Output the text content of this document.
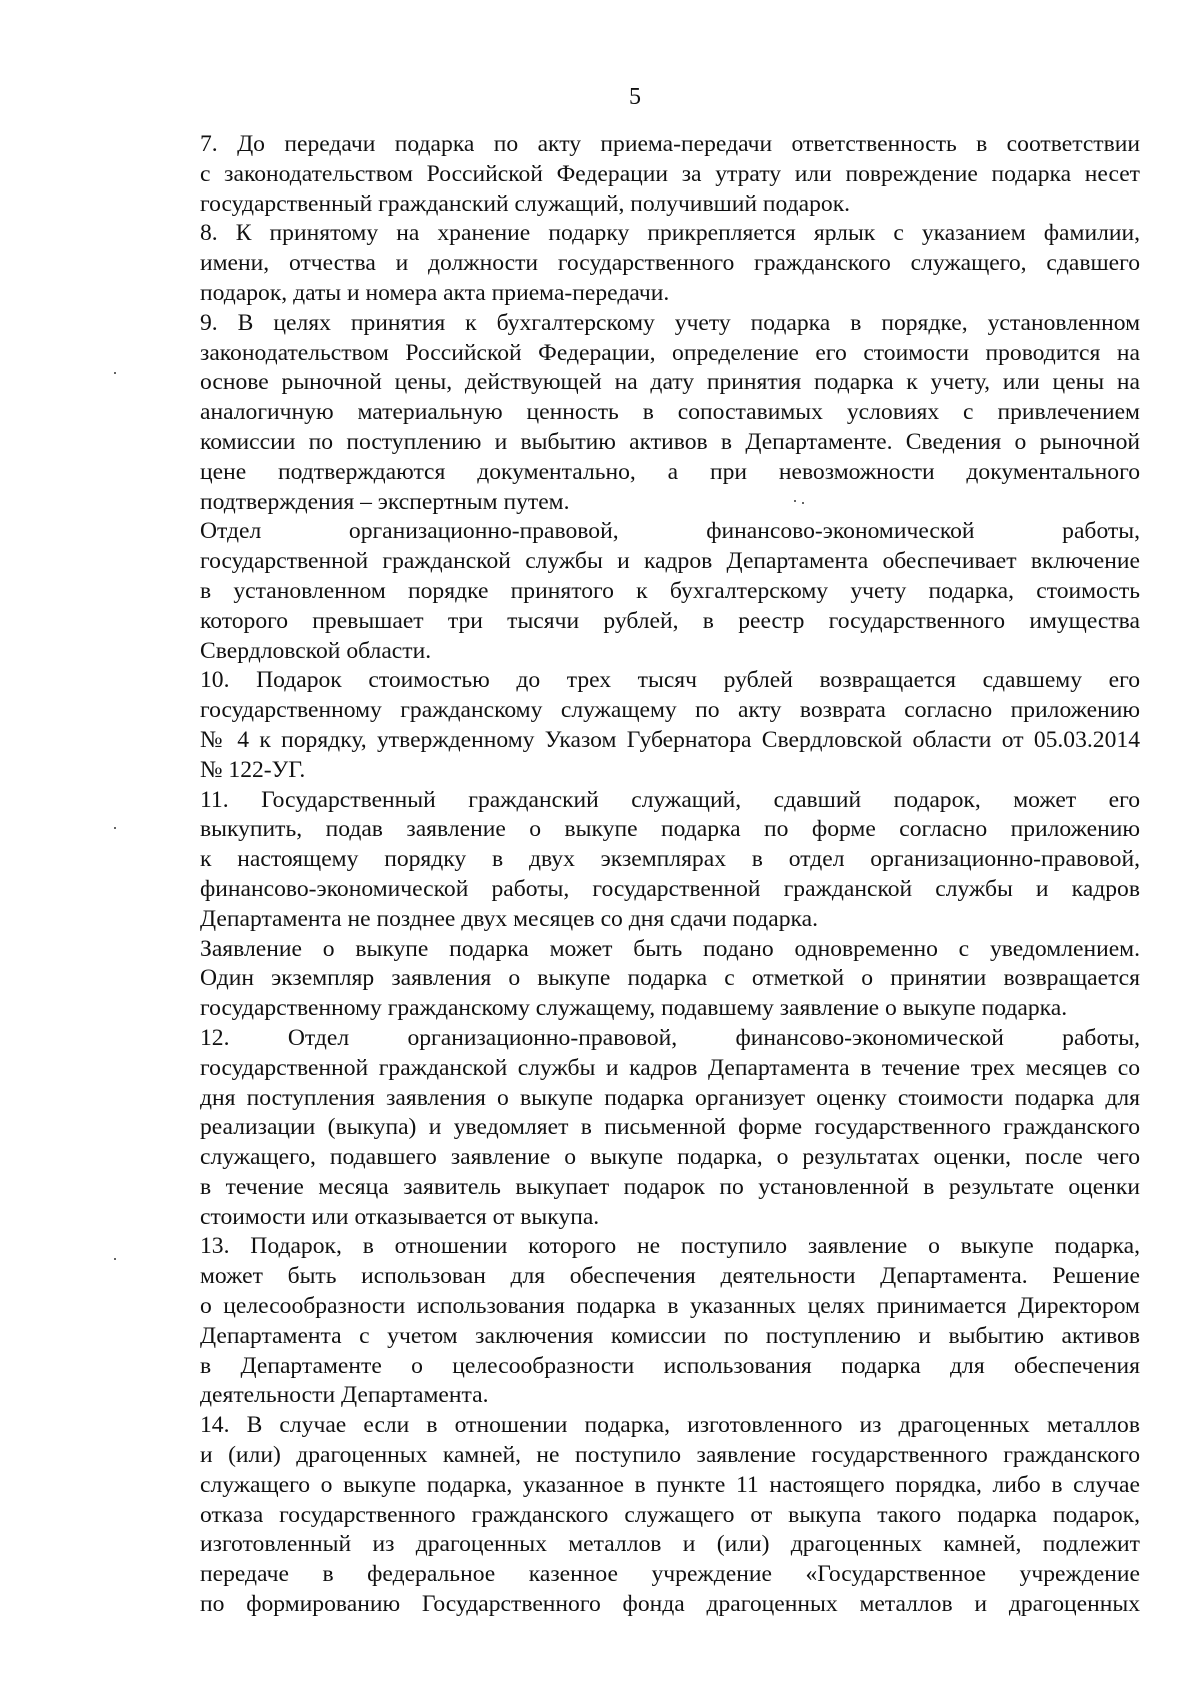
5
7. До передачи подарка по акту приема-передачи ответственность в соответствии
с законодательством Российской Федерации за утрату или повреждение подарка несет
государственный гражданский служащий, получивший подарок.
8. К принятому на хранение подарку прикрепляется ярлык с указанием фамилии,
имени, отчества и должности государственного гражданского служащего, сдавшего
подарок, даты и номера акта приема-передачи.
9. В целях принятия к бухгалтерскому учету подарка в порядке, установленном
законодательством Российской Федерации, определение его стоимости проводится на
основе рыночной цены, действующей на дату принятия подарка к учету, или цены на
аналогичную материальную ценность в сопоставимых условиях с привлечением
комиссии по поступлению и выбытию активов в Департаменте. Сведения о рыночной
цене подтверждаются документально, а при невозможности документального
подтверждения – экспертным путем.
Отдел организационно-правовой, финансово-экономической работы,
государственной гражданской службы и кадров Департамента обеспечивает включение
в установленном порядке принятого к бухгалтерскому учету подарка, стоимость
которого превышает три тысячи рублей, в реестр государственного имущества
Свердловской области.
10. Подарок стоимостью до трех тысяч рублей возвращается сдавшему его
государственному гражданскому служащему по акту возврата согласно приложению
№ 4 к порядку, утвержденному Указом Губернатора Свердловской области от 05.03.2014
№ 122-УГ.
11. Государственный гражданский служащий, сдавший подарок, может его
выкупить, подав заявление о выкупе подарка по форме согласно приложению
к настоящему порядку в двух экземплярах в отдел организационно-правовой,
финансово-экономической работы, государственной гражданской службы и кадров
Департамента не позднее двух месяцев со дня сдачи подарка.
Заявление о выкупе подарка может быть подано одновременно с уведомлением.
Один экземпляр заявления о выкупе подарка с отметкой о принятии возвращается
государственному гражданскому служащему, подавшему заявление о выкупе подарка.
12. Отдел организационно-правовой, финансово-экономической работы,
государственной гражданской службы и кадров Департамента в течение трех месяцев со
дня поступления заявления о выкупе подарка организует оценку стоимости подарка для
реализации (выкупа) и уведомляет в письменной форме государственного гражданского
служащего, подавшего заявление о выкупе подарка, о результатах оценки, после чего
в течение месяца заявитель выкупает подарок по установленной в результате оценки
стоимости или отказывается от выкупа.
13. Подарок, в отношении которого не поступило заявление о выкупе подарка,
может быть использован для обеспечения деятельности Департамента. Решение
о целесообразности использования подарка в указанных целях принимается Директором
Департамента с учетом заключения комиссии по поступлению и выбытию активов
в Департаменте о целесообразности использования подарка для обеспечения
деятельности Департамента.
14. В случае если в отношении подарка, изготовленного из драгоценных металлов
и (или) драгоценных камней, не поступило заявление государственного гражданского
служащего о выкупе подарка, указанное в пункте 11 настоящего порядка, либо в случае
отказа государственного гражданского служащего от выкупа такого подарка подарок,
изготовленный из драгоценных металлов и (или) драгоценных камней, подлежит
передаче в федеральное казенное учреждение «Государственное учреждение
по формированию Государственного фонда драгоценных металлов и драгоценных
